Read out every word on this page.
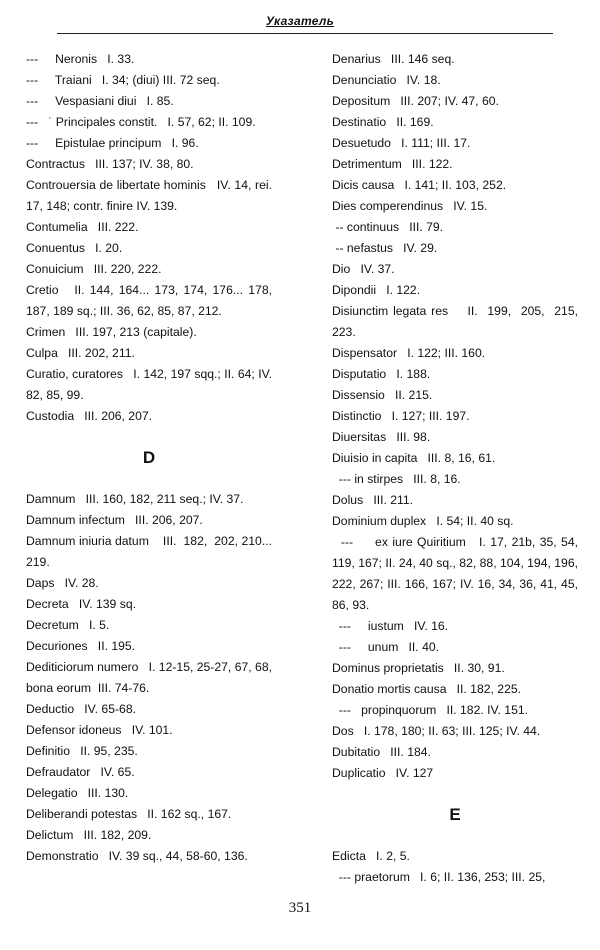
Указатель
---     Neronis   I. 33.
---     Traiani   I. 34; (diui) III. 72 seq.
---     Vespasiani diui   I. 85.
---   ˙ Principales constit.   I. 57, 62; II. 109.
---     Epistulae principum   I. 96.
Contractus   III. 137; IV. 38, 80.
Controuersia de libertate hominis   IV. 14, rei. 17, 148; contr. finire IV. 139.
Contumelia   III. 222.
Conuentus   I. 20.
Conuicium   III. 220, 222.
Cretio   II. 144, 164... 173, 174, 176... 178, 187, 189 sq.; III. 36, 62, 85, 87, 212.
Crimen   III. 197, 213 (capitale).
Culpa   III. 202, 211.
Curatio, curatores   I. 142, 197 sqq.; II. 64; IV. 82, 85, 99.
Custodia   III. 206, 207.
D
Damnum   III. 160, 182, 211 seq.; IV. 37.
Damnum infectum   III. 206, 207.
Damnum iniuria datum    III.  182,  202, 210... 219.
Daps   IV. 28.
Decreta   IV. 139 sq.
Decretum   I. 5.
Decuriones   II. 195.
Dediticiorum numero   I. 12-15, 25-27, 67, 68, bona eorum  III. 74-76.
Deductio   IV. 65-68.
Defensor idoneus   IV. 101.
Definitio   II. 95, 235.
Defraudator   IV. 65.
Delegatio   III. 130.
Deliberandi potestas   II. 162 sq., 167.
Delictum   III. 182, 209.
Demonstratio   IV. 39 sq., 44, 58-60, 136.
Denarius   III. 146 seq.
Denunciatio   IV. 18.
Depositum   III. 207; IV. 47, 60.
Destinatio   II. 169.
Desuetudo   I. 111; III. 17.
Detrimentum   III. 122.
Dicis causa   I. 141; II. 103, 252.
Dies comperendinus   IV. 15.
-- continuus   III. 79.
-- nefastus   IV. 29.
Dio   IV. 37.
Dipondii   I. 122.
Disiunctim legata res    II.  199,  205,  215, 223.
Dispensator   I. 122; III. 160.
Disputatio   I. 188.
Dissensio   II. 215.
Distinctio   I. 127; III. 197.
Diuersitas   III. 98.
Diuisio in capita   III. 8, 16, 61.
--- in stirpes   III. 8, 16.
Dolus   III. 211.
Dominium duplex   I. 54; II. 40 sq.
---     ex iure Quiritium   I. 17, 21b, 35, 54, 119, 167; II. 24, 40 sq., 82, 88, 104, 194, 196, 222, 267; III. 166, 167; IV. 16, 34, 36, 41, 45, 86, 93.
---     iustum   IV. 16.
---     unum   II. 40.
Dominus proprietatis   II. 30, 91.
Donatio mortis causa   II. 182, 225.
---   propinquorum   II. 182. IV. 151.
Dos   I. 178, 180; II. 63; III. 125; IV. 44.
Dubitatio   III. 184.
Duplicatio   IV. 127
E
Edicta   I. 2, 5.
--- praetorum   I. 6; II. 136, 253; III. 25,
351
